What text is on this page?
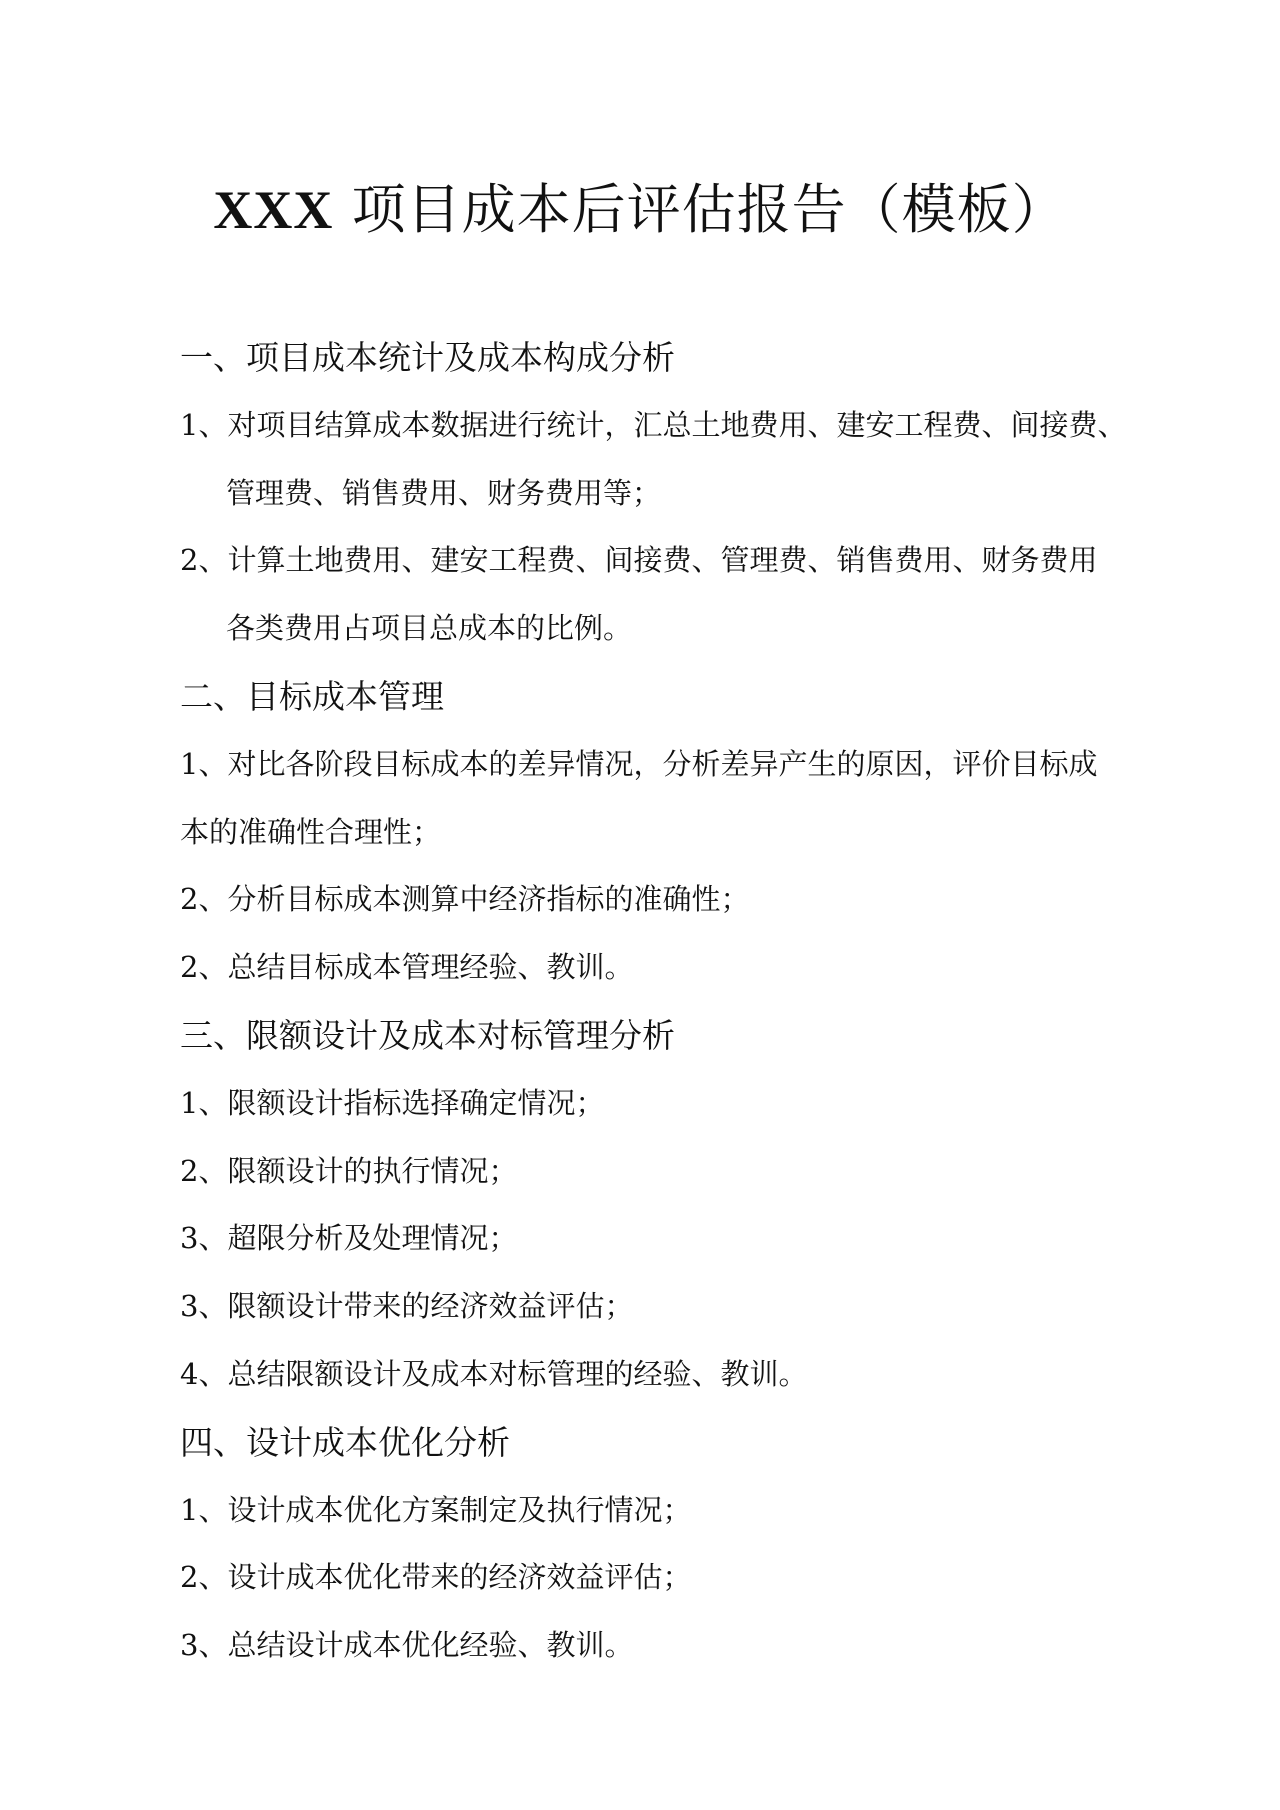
XXX 项目成本后评估报告（模板）
一、项目成本统计及成本构成分析
1、对项目结算成本数据进行统计，汇总土地费用、建安工程费、间接费、
管理费、销售费用、财务费用等；
2、计算土地费用、建安工程费、间接费、管理费、销售费用、财务费用
各类费用占项目总成本的比例。
二、目标成本管理
1、对比各阶段目标成本的差异情况，分析差异产生的原因，评价目标成
本的准确性合理性；
2、分析目标成本测算中经济指标的准确性；
2、总结目标成本管理经验、教训。
三、限额设计及成本对标管理分析
1、限额设计指标选择确定情况；
2、限额设计的执行情况；
3、超限分析及处理情况；
3、限额设计带来的经济效益评估；
4、总结限额设计及成本对标管理的经验、教训。
四、设计成本优化分析
1、设计成本优化方案制定及执行情况；
2、设计成本优化带来的经济效益评估；
3、总结设计成本优化经验、教训。
